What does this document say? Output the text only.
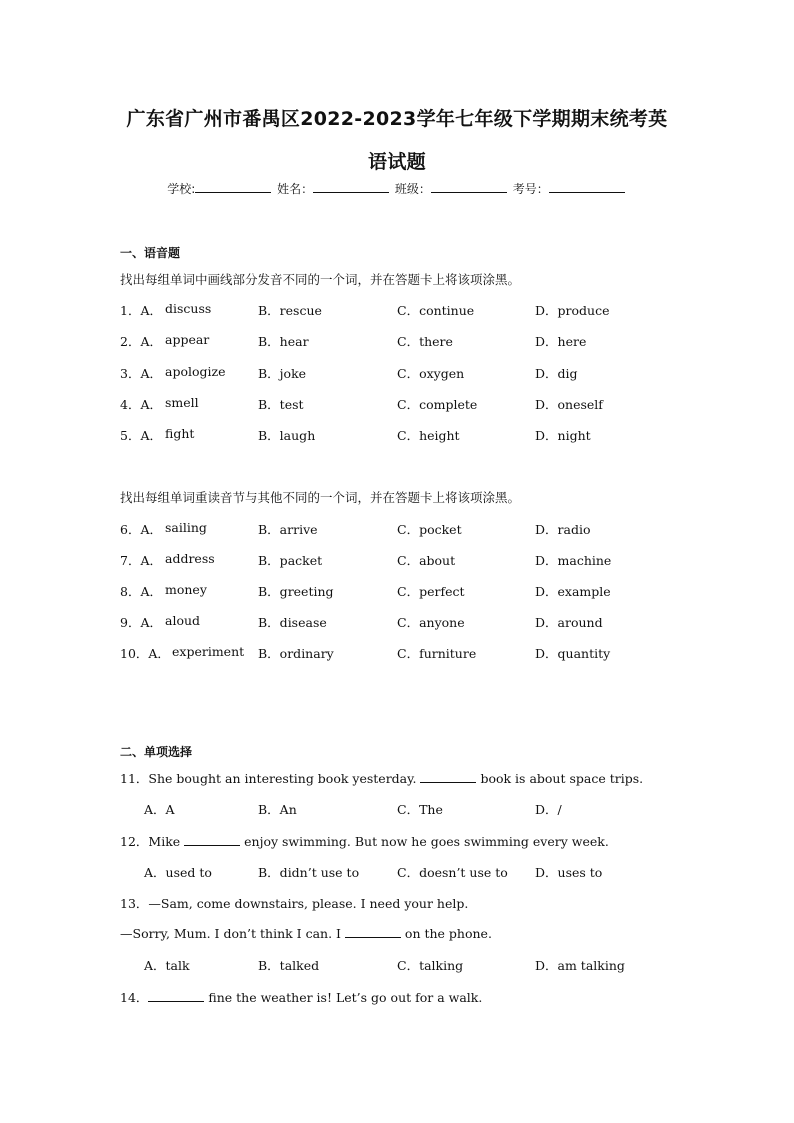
广东省广州市番禺区2022-2023学年七年级下学期期末统考英
语试题
学校:	姓名：	班级：	考号：
一、语音题
找出每组单词中画线部分发音不同的一个词，并在答题卡上将该项涂黑。
1．A． discuss	B．rescue	C．continue	D．produce
2．A． appear	B．hear	C．there	D．here
3．A． apologize	B．joke	C．oxygen	D．dig
4．A． smell	B．test	C．complete	D．oneself
5．A． fight	B．laugh	C．height	D．night
找出每组单词重读音节与其他不同的一个词，并在答题卡上将该项涂黑。
6．A． sailing	B．arrive	C．pocket	D．radio
7．A． address	B．packet	C．about	D．machine
8．A． money	B．greeting	C．perfect	D．example
9．A． aloud	B．disease	C．anyone	D．around
10．A． experiment B．ordinary	C．furniture	D．quantity
二、单项选择
11．She bought an interesting book yesterday.	book is about space trips.
A．A	B．An	C．The	D．/
12．Mike	enjoy swimming. But now he goes swimming every week.
A．used to	B．didn’t use to	C．doesn’t use to D．uses to
13．—Sam, come downstairs, please. I need your help.
—Sorry, Mum. I don’t think I can. I	on the phone.
A．talk	B．talked	C．talking	D．am talking
14．	fine the weather is! Let’s go out for a walk.
